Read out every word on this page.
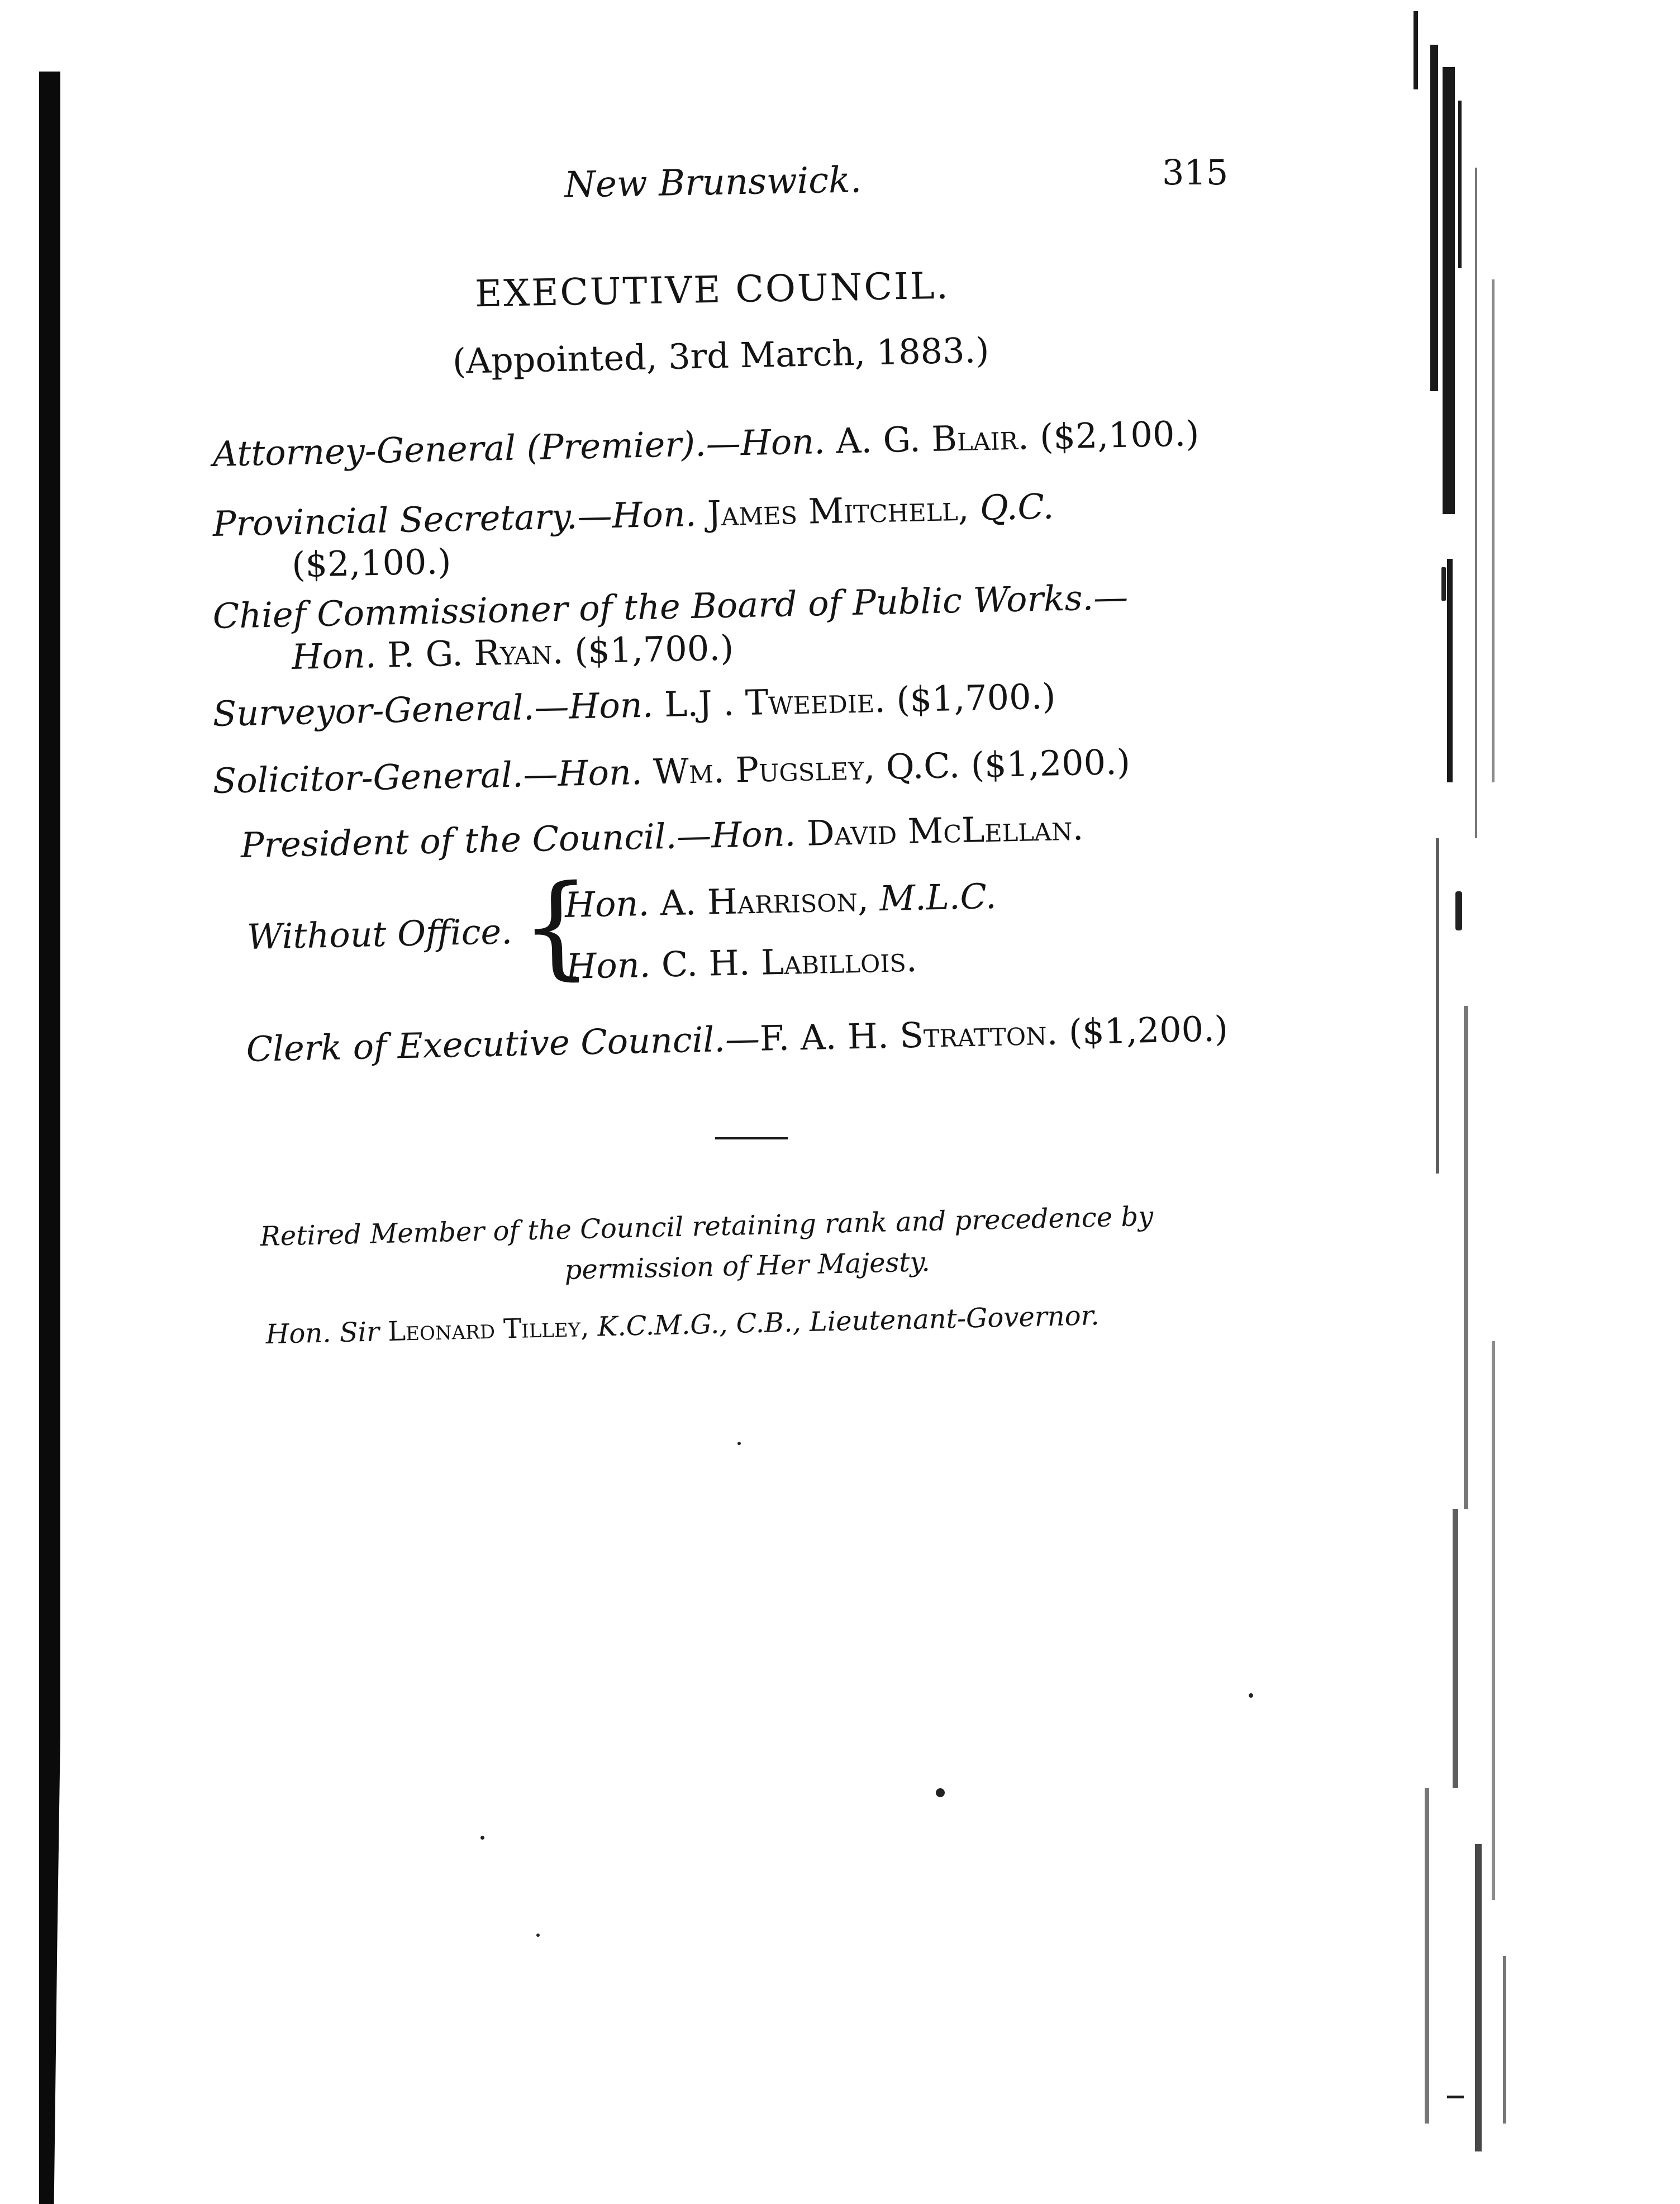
New Brunswick.	315
EXECUTIVE COUNCIL.
(Appointed, 3rd March, 1883.)
Attorney-General (Premier).—Hon. A. G. Blair. ($2,100.)
Provincial Secretary.—Hon. James Mitchell, Q.C.
($2,100.)
Chief Commissioner of the Board of Public Works.—
Hon. P. G. Ryan. ($1,700.)
Surveyor-General.—Hon. L.J . Tweedie. ($1,700.)
Solicitor-General.—Hon. Wm. Pugsley, Q.C. ($1,200.)
President of the Council.—Hon. David McLellan.
Without Office. {
Hon. A. Harrison, M.L.C.
Hon. C. H. Labillois.
Clerk of Executive Council.—F. A. H. Stratton. ($1,200.)
Retired Member of the Council retaining rank and precedence by
permission of Her Majesty.
Hon. Sir Leonard Tilley, K.C.M.G., C.B., Lieutenant-Governor.
